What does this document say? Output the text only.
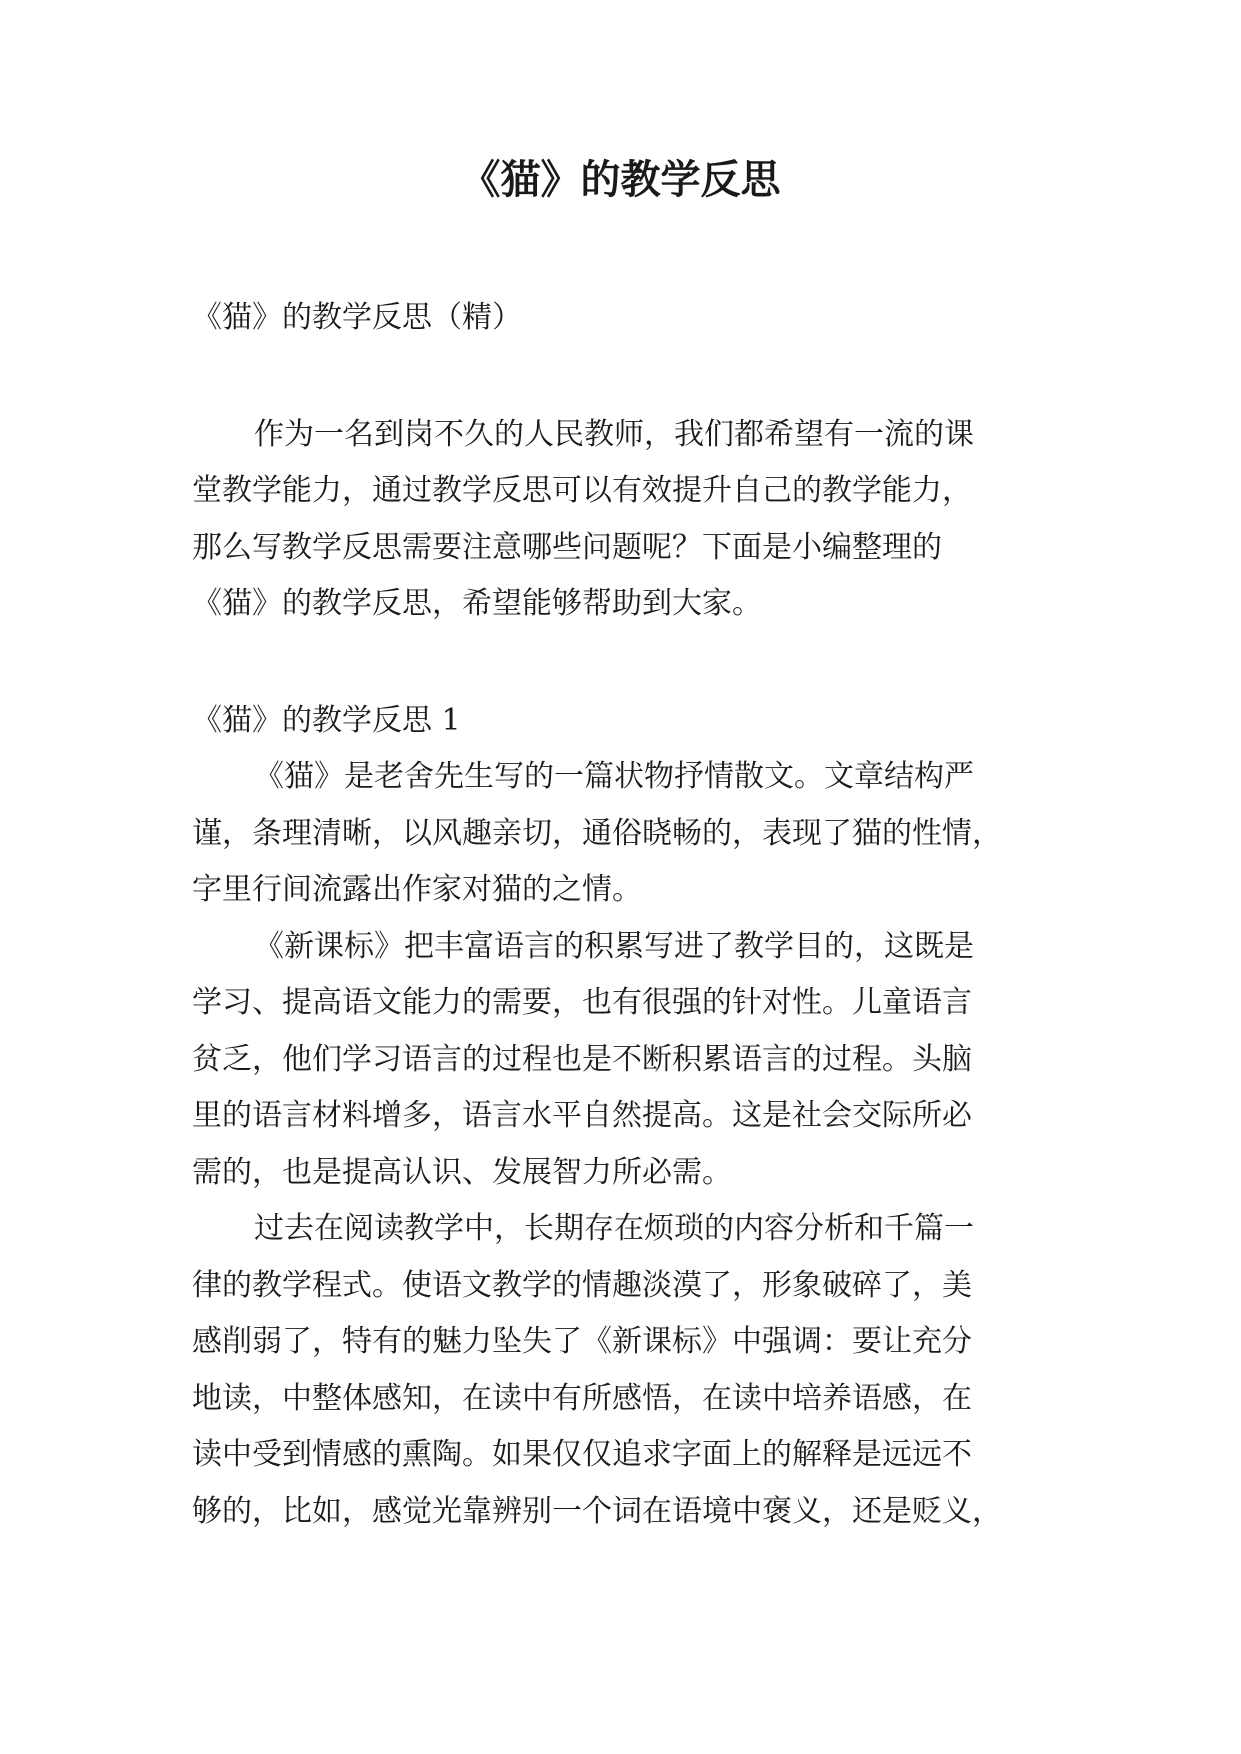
《猫》的教学反思

《猫》的教学反思（精）

作为一名到岗不久的人民教师，我们都希望有一流的课

堂教学能力，通过教学反思可以有效提升自己的教学能力，

那么写教学反思需要注意哪些问题呢？下面是小编整理的

《猫》的教学反思，希望能够帮助到大家。

《猫》的教学反思 1

《猫》是老舍先生写的一篇状物抒情散文。文章结构严

谨，条理清晰，以风趣亲切，通俗晓畅的，表现了猫的性情，

字里行间流露出作家对猫的之情。

《新课标》把丰富语言的积累写进了教学目的，这既是

学习、提高语文能力的需要，也有很强的针对性。儿童语言

贫乏，他们学习语言的过程也是不断积累语言的过程。头脑

里的语言材料增多，语言水平自然提高。这是社会交际所必

需的，也是提高认识、发展智力所必需。

过去在阅读教学中，长期存在烦琐的内容分析和千篇一

律的教学程式。使语文教学的情趣淡漠了，形象破碎了，美

感削弱了，特有的魅力坠失了《新课标》中强调：要让充分

地读，中整体感知，在读中有所感悟，在读中培养语感，在

读中受到情感的熏陶。如果仅仅追求字面上的解释是远远不

够的，比如，感觉光靠辨别一个词在语境中褒义，还是贬义，
